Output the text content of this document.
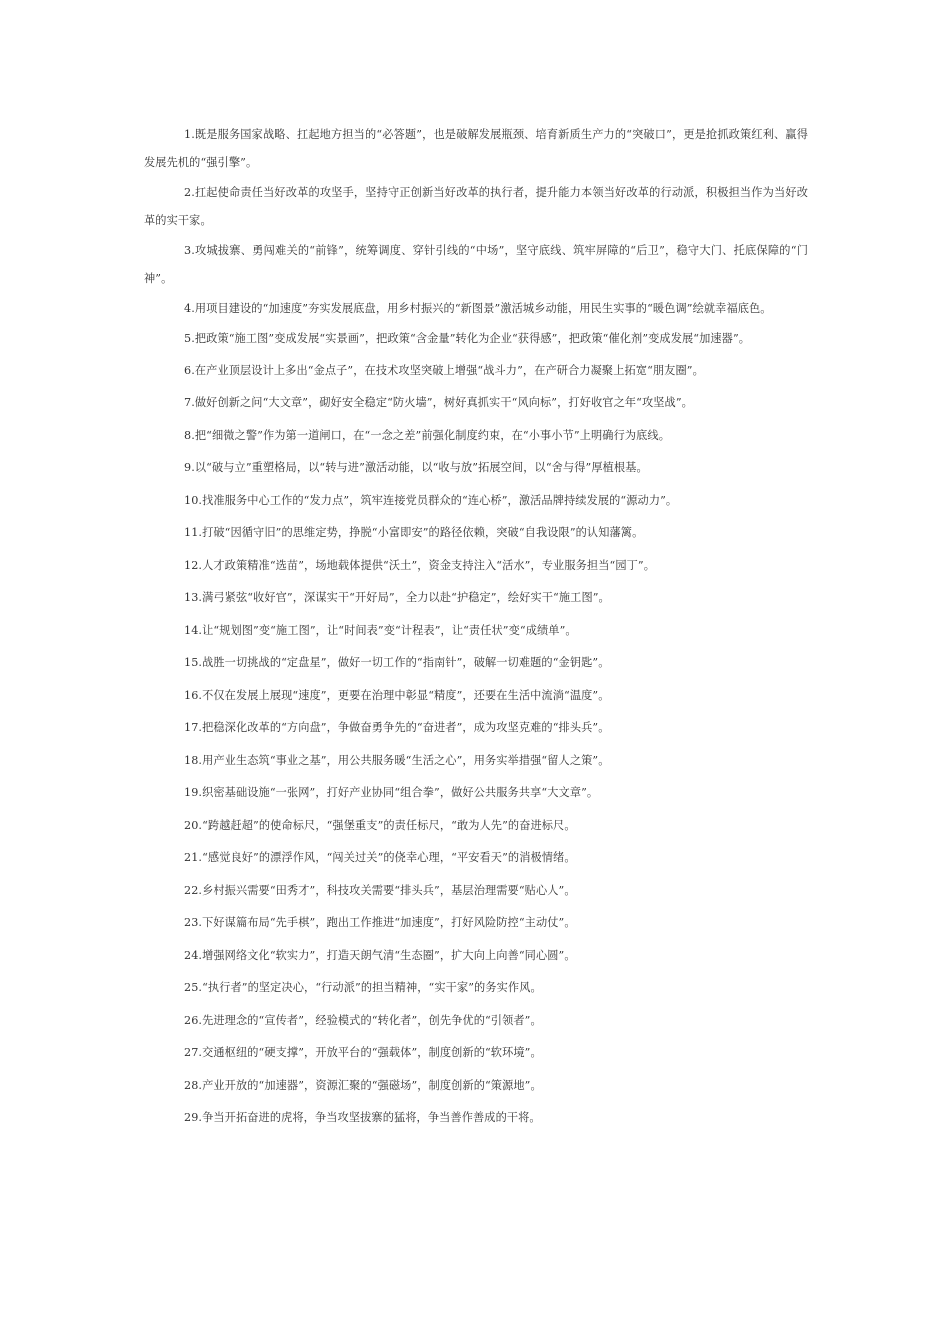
1.既是服务国家战略、扛起地方担当的“必答题”，也是破解发展瓶颈、培育新质生产力的“突破口”，更是抢抓政策红利、赢得发展先机的“强引擎”。

2.扛起使命责任当好改革的攻坚手，坚持守正创新当好改革的执行者，提升能力本领当好改革的行动派，积极担当作为当好改革的实干家。

3.攻城拔寨、勇闯难关的“前锋”，统筹调度、穿针引线的“中场”，坚守底线、筑牢屏障的“后卫”，稳守大门、托底保障的“门神”。

4.用项目建设的“加速度”夯实发展底盘，用乡村振兴的“新图景”激活城乡动能，用民生实事的“暖色调”绘就幸福底色。

5.把政策“施工图”变成发展“实景画”，把政策“含金量”转化为企业“获得感”，把政策“催化剂”变成发展“加速器”。

6.在产业顶层设计上多出“金点子”，在技术攻坚突破上增强“战斗力”，在产研合力凝聚上拓宽“朋友圈”。

7.做好创新之问“大文章”，砌好安全稳定“防火墙”，树好真抓实干“风向标”，打好收官之年“攻坚战”。

8.把“细微之警”作为第一道闸口，在“一念之差”前强化制度约束，在“小事小节”上明确行为底线。

9.以“破与立”重塑格局，以“转与进”激活动能，以“收与放”拓展空间，以“舍与得”厚植根基。

10.找准服务中心工作的“发力点”，筑牢连接党员群众的“连心桥”，激活品牌持续发展的“源动力”。

11.打破“因循守旧”的思维定势，挣脱“小富即安”的路径依赖，突破“自我设限”的认知藩篱。

12.人才政策精准“选苗”，场地载体提供“沃土”，资金支持注入“活水”，专业服务担当“园丁”。

13.满弓紧弦“收好官”，深谋实干“开好局”，全力以赴“护稳定”，绘好实干“施工图”。

14.让“规划图”变“施工图”，让“时间表”变“计程表”，让“责任状”变“成绩单”。

15.战胜一切挑战的“定盘星”，做好一切工作的“指南针”，破解一切难题的“金钥匙”。

16.不仅在发展上展现“速度”，更要在治理中彰显“精度”，还要在生活中流淌“温度”。

17.把稳深化改革的“方向盘”，争做奋勇争先的“奋进者”，成为攻坚克难的“排头兵”。

18.用产业生态筑“事业之基”，用公共服务暖“生活之心”，用务实举措强“留人之策”。

19.织密基础设施“一张网”，打好产业协同“组合拳”，做好公共服务共享“大文章”。

20.“跨越赶超”的使命标尺，“强堡重支”的责任标尺，“敢为人先”的奋进标尺。

21.“感觉良好”的漂浮作风，“闯关过关”的侥幸心理，“平安看天”的消极情绪。

22.乡村振兴需要“田秀才”，科技攻关需要“排头兵”，基层治理需要“贴心人”。

23.下好谋篇布局“先手棋”，跑出工作推进“加速度”，打好风险防控“主动仗”。

24.增强网络文化“软实力”，打造天朗气清“生态圈”，扩大向上向善“同心圆”。

25.“执行者”的坚定决心，“行动派”的担当精神，“实干家”的务实作风。

26.先进理念的“宣传者”，经验模式的“转化者”，创先争优的“引领者”。

27.交通枢纽的“硬支撑”，开放平台的“强载体”，制度创新的“软环境”。

28.产业开放的“加速器”，资源汇聚的“强磁场”，制度创新的“策源地”。

29.争当开拓奋进的虎将，争当攻坚拔寨的猛将，争当善作善成的干将。
